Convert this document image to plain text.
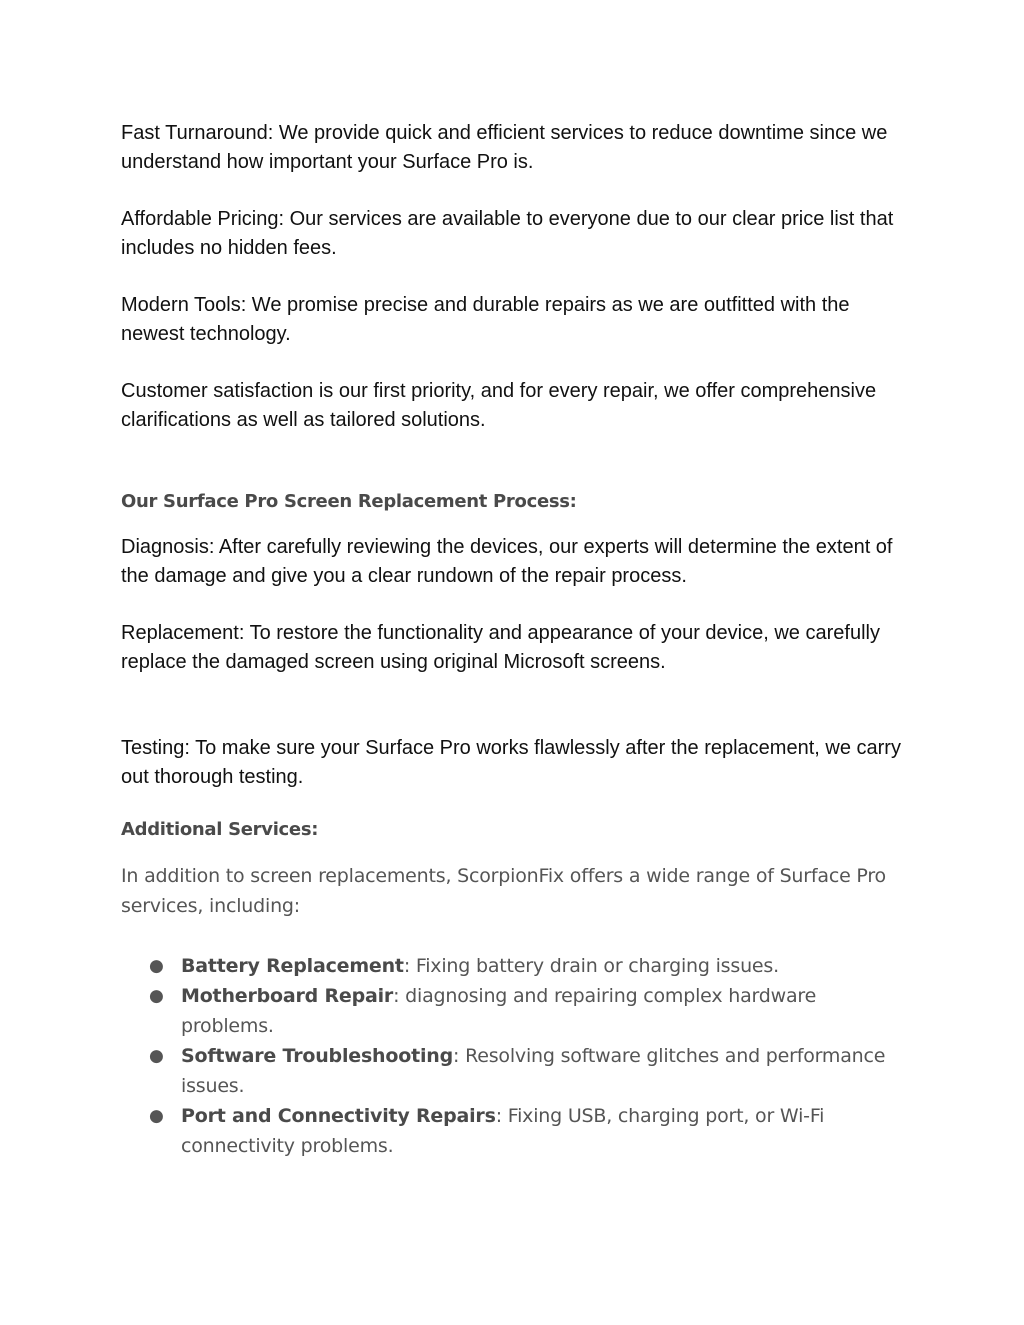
Fast Turnaround: We provide quick and efficient services to reduce downtime since we understand how important your Surface Pro is.

Affordable Pricing: Our services are available to everyone due to our clear price list that includes no hidden fees.

Modern Tools: We promise precise and durable repairs as we are outfitted with the newest technology.

Customer satisfaction is our first priority, and for every repair, we offer comprehensive clarifications as well as tailored solutions.

Our Surface Pro Screen Replacement Process:

Diagnosis: After carefully reviewing the devices, our experts will determine the extent of the damage and give you a clear rundown of the repair process.

Replacement: To restore the functionality and appearance of your device, we carefully replace the damaged screen using original Microsoft screens.

Testing: To make sure your Surface Pro works flawlessly after the replacement, we carry out thorough testing.

Additional Services:

In addition to screen replacements, ScorpionFix offers a wide range of Surface Pro services, including:

● Battery Replacement: Fixing battery drain or charging issues.
● Motherboard Repair: diagnosing and repairing complex hardware problems.
● Software Troubleshooting: Resolving software glitches and performance issues.
● Port and Connectivity Repairs: Fixing USB, charging port, or Wi-Fi connectivity problems.
